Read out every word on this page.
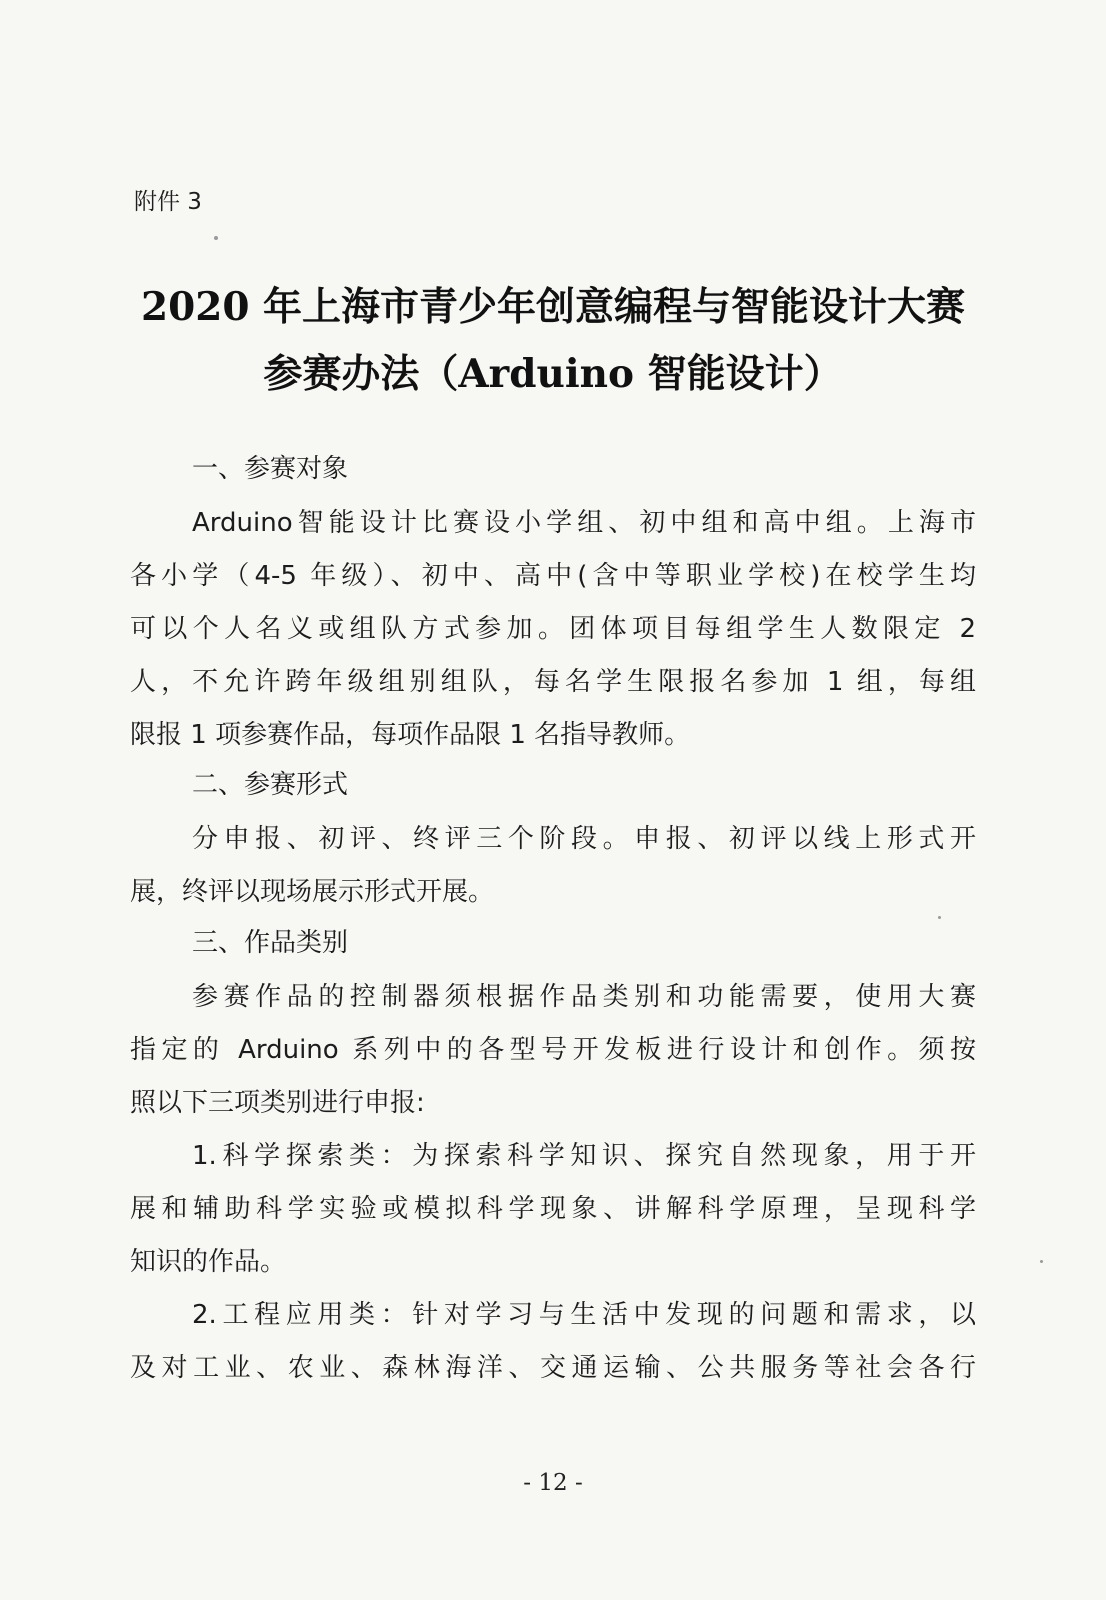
附件 3
2020 年上海市青少年创意编程与智能设计大赛
参赛办法（Arduino 智能设计）
一、参赛对象
Arduino智能设计比赛设小学组、初中组和高中组。上海市
各小学（4-5 年级）、初中、高中(含中等职业学校)在校学生均
可以个人名义或组队方式参加。团体项目每组学生人数限定 2
人，不允许跨年级组别组队，每名学生限报名参加 1 组，每组
限报 1 项参赛作品，每项作品限 1 名指导教师。
二、参赛形式
分申报、初评、终评三个阶段。申报、初评以线上形式开
展，终评以现场展示形式开展。
三、作品类别
参赛作品的控制器须根据作品类别和功能需要，使用大赛
指定的 Arduino 系列中的各型号开发板进行设计和创作。须按
照以下三项类别进行申报:
1.科学探索类：为探索科学知识、探究自然现象，用于开
展和辅助科学实验或模拟科学现象、讲解科学原理，呈现科学
知识的作品。
2.工程应用类：针对学习与生活中发现的问题和需求，以
及对工业、农业、森林海洋、交通运输、公共服务等社会各行
- 12 -
